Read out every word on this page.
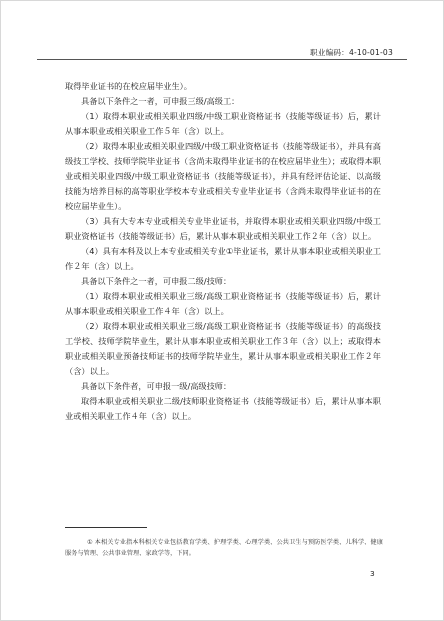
职业编码：4-10-01-03

取得毕业证书的在校应届毕业生）。

具备以下条件之一者，可申报三级/高级工：

（1）取得本职业或相关职业四级/中级工职业资格证书（技能等级证书）后，累计从事本职业或相关职业工作５年（含）以上。

（2）取得本职业或相关职业四级/中级工职业资格证书（技能等级证书），并具有高级技工学校、技师学院毕业证书（含尚未取得毕业证书的在校应届毕业生）；或取得本职业或相关职业四级/中级工职业资格证书（技能等级证书），并具有经评估论证、以高级技能为培养目标的高等职业学校本专业或相关专业毕业证书（含尚未取得毕业证书的在校应届毕业生）。

（3）具有大专本专业或相关专业毕业证书，并取得本职业或相关职业四级/中级工职业资格证书（技能等级证书）后，累计从事本职业或相关职业工作２年（含）以上。

（4）具有本科及以上本专业或相关专业①毕业证书，累计从事本职业或相关职业工作２年（含）以上。

具备以下条件之一者，可申报二级/技师：

（1）取得本职业或相关职业三级/高级工职业资格证书（技能等级证书）后，累计从事本职业或相关职业工作４年（含）以上。

（2）取得本职业或相关职业三级/高级工职业资格证书（技能等级证书）的高级技工学校、技师学院毕业生，累计从事本职业或相关职业工作３年（含）以上；或取得本职业或相关职业预备技师证书的技师学院毕业生，累计从事本职业或相关职业工作２年（含）以上。

具备以下条件者，可申报一级/高级技师：

取得本职业或相关职业二级/技师职业资格证书（技能等级证书）后，累计从事本职业或相关职业工作４年（含）以上。

① 本相关专业指本科相关专业包括教育学类、护理学类、心理学类、公共卫生与预防医学类、儿科学、健康服务与管理、公共事业管理、家政学等，下同。
3
